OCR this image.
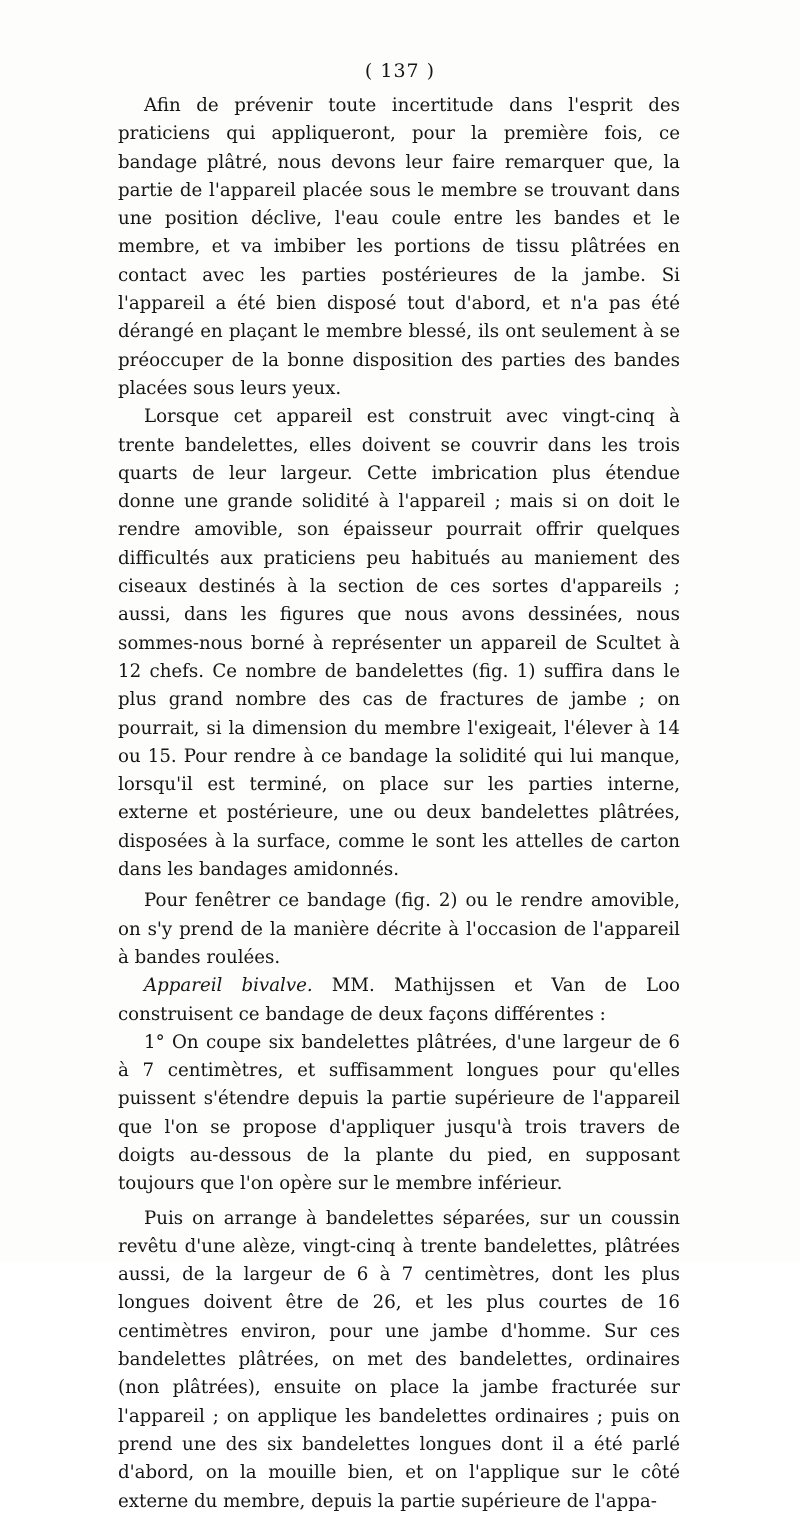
( 137 )

Afin de prévenir toute incertitude dans l'esprit des praticiens qui appliqueront, pour la première fois, ce bandage plâtré, nous devons leur faire remarquer que, la partie de l'appareil placée sous le membre se trouvant dans une position déclive, l'eau coule entre les bandes et le membre, et va imbiber les portions de tissu plâtrées en contact avec les parties postérieures de la jambe. Si l'appareil a été bien disposé tout d'abord, et n'a pas été dérangé en plaçant le membre blessé, ils ont seulement à se préoccuper de la bonne disposition des parties des bandes placées sous leurs yeux.

Lorsque cet appareil est construit avec vingt-cinq à trente bandelettes, elles doivent se couvrir dans les trois quarts de leur largeur. Cette imbrication plus étendue donne une grande solidité à l'appareil ; mais si on doit le rendre amovible, son épaisseur pourrait offrir quelques difficultés aux praticiens peu habitués au maniement des ciseaux destinés à la section de ces sortes d'appareils ; aussi, dans les figures que nous avons dessinées, nous sommes-nous borné à représenter un appareil de Scultet à 12 chefs. Ce nombre de bandelettes (fig. 1) suffira dans le plus grand nombre des cas de fractures de jambe ; on pourrait, si la dimension du membre l'exigeait, l'élever à 14 ou 15. Pour rendre à ce bandage la solidité qui lui manque, lorsqu'il est terminé, on place sur les parties interne, externe et postérieure, une ou deux bandelettes plâtrées, disposées à la surface, comme le sont les attelles de carton dans les bandages amidonnés.

Pour fenêtrer ce bandage (fig. 2) ou le rendre amovible, on s'y prend de la manière décrite à l'occasion de l'appareil à bandes roulées.

Appareil bivalve. MM. Mathijssen et Van de Loo construisent ce bandage de deux façons différentes :

1° On coupe six bandelettes plâtrées, d'une largeur de 6 à 7 centimètres, et suffisamment longues pour qu'elles puissent s'étendre depuis la partie supérieure de l'appareil que l'on se propose d'appliquer jusqu'à trois travers de doigts au-dessous de la plante du pied, en supposant toujours que l'on opère sur le membre inférieur.

Puis on arrange à bandelettes séparées, sur un coussin revêtu d'une alèze, vingt-cinq à trente bandelettes, plâtrées aussi, de la largeur de 6 à 7 centimètres, dont les plus longues doivent être de 26, et les plus courtes de 16 centimètres environ, pour une jambe d'homme. Sur ces bandelettes plâtrées, on met des bandelettes, ordinaires (non plâtrées), ensuite on place la jambe fracturée sur l'appareil ; on applique les bandelettes ordinaires ; puis on prend une des six bandelettes longues dont il a été parlé d'abord, on la mouille bien, et on l'applique sur le côté externe du membre, depuis la partie supérieure de l'appa-
